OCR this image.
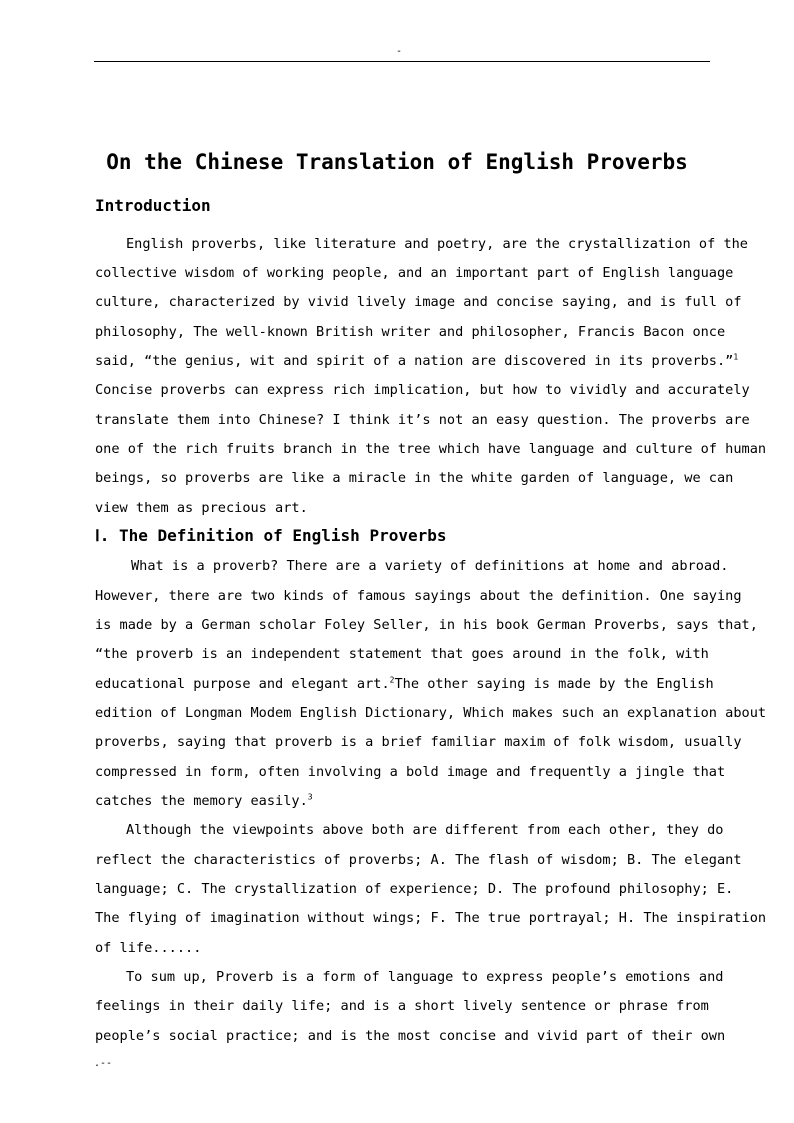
-
On the Chinese Translation of English Proverbs
Introduction
English proverbs, like literature and poetry, are the crystallization of the
collective wisdom of working people, and an important part of English language
culture, characterized by vivid lively image and concise saying, and is full of
philosophy, The well-known British writer and philosopher, Francis Bacon once
said, “the genius, wit and spirit of a nation are discovered in its proverbs.”$^1$
Concise proverbs can express rich implication, but how to vividly and accurately
translate them into Chinese? I think it’s not an easy question. The proverbs are
one of the rich fruits branch in the tree which have language and culture of human
beings, so proverbs are like a miracle in the white garden of language, we can
view them as precious art.
Ⅰ. The Definition of English Proverbs
What is a proverb? There are a variety of definitions at home and abroad.
However, there are two kinds of famous sayings about the definition. One saying
is made by a German scholar Foley Seller, in his book German Proverbs, says that,
“the proverb is an independent statement that goes around in the folk, with
educational purpose and elegant art.$^2$The other saying is made by the English
edition of Longman Modem English Dictionary, Which makes such an explanation about
proverbs, saying that proverb is a brief familiar maxim of folk wisdom, usually
compressed in form, often involving a bold image and frequently a jingle that
catches the memory easily.$^3$
Although the viewpoints above both are different from each other, they do
reflect the characteristics of proverbs; A. The flash of wisdom; B. The elegant
language; C. The crystallization of experience; D. The profound philosophy; E.
The flying of imagination without wings; F. The true portrayal; H. The inspiration
of life......
To sum up, Proverb is a form of language to express people’s emotions and
feelings in their daily life; and is a short lively sentence or phrase from
people’s social practice; and is the most concise and vivid part of their own
.--
